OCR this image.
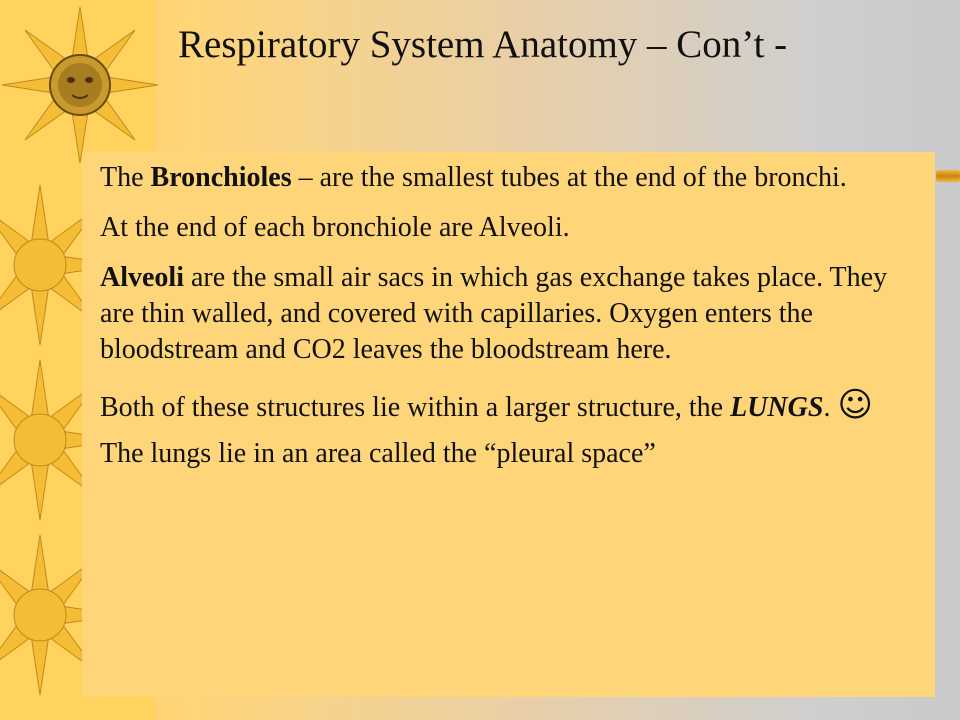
Respiratory System Anatomy – Con’t -

The Bronchioles – are the smallest tubes at the end of the bronchi.

At the end of each bronchiole are Alveoli.

Alveoli are the small air sacs in which gas exchange takes place. They are thin walled, and covered with capillaries. Oxygen enters the bloodstream and CO2 leaves the bloodstream here.

Both of these structures lie within a larger structure, the LUNGS. ☺ The lungs lie in an area called the “pleural space”
